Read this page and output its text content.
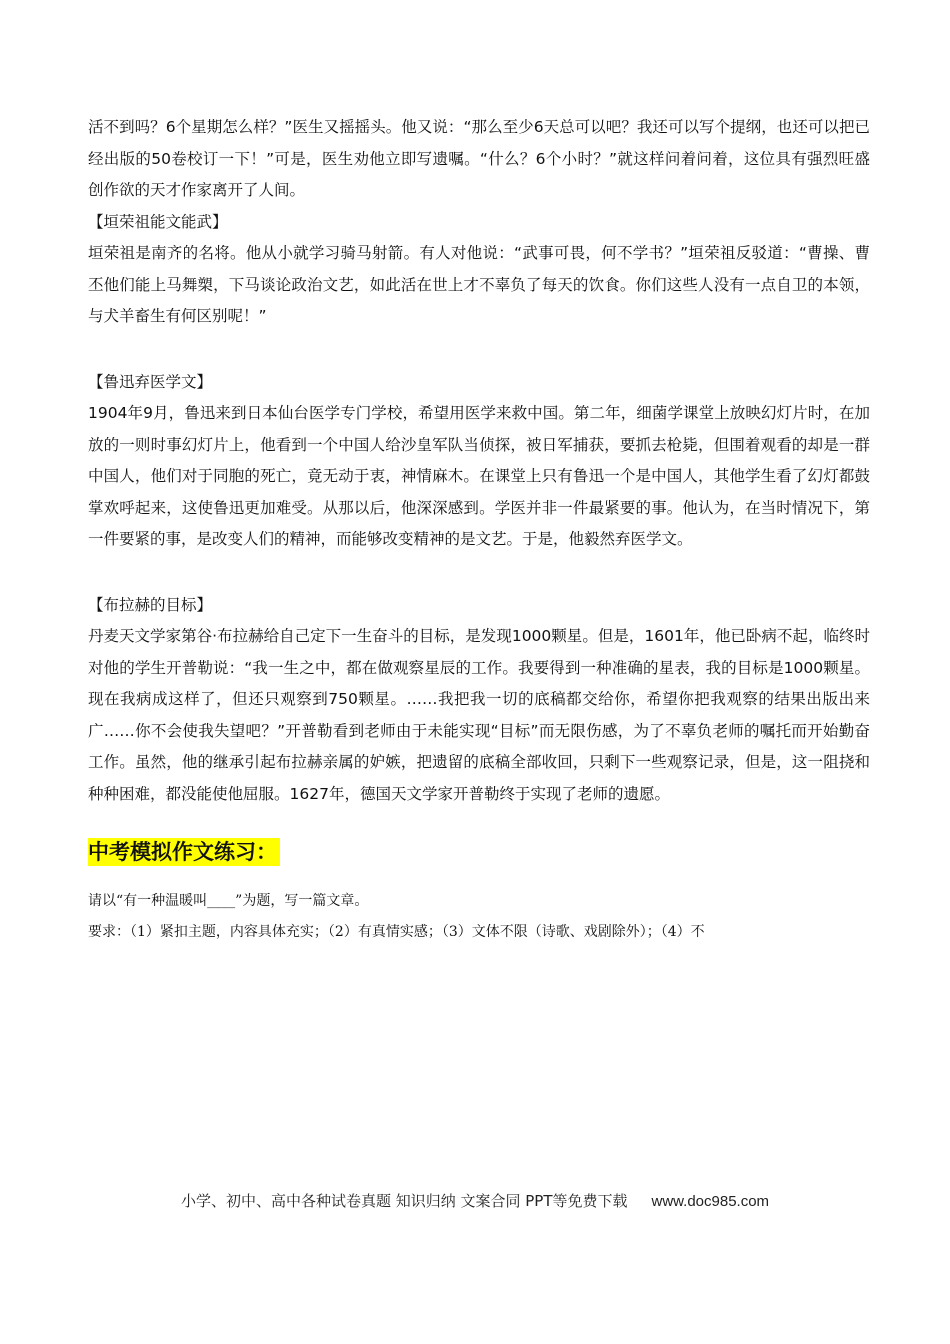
活不到吗？6个星期怎么样？”医生又摇摇头。他又说：“那么至少6天总可以吧？我还可以写个提纲，也还可以把已经出版的50卷校订一下！”可是，医生劝他立即写遗嘱。“什么？6个小时？”就这样问着问着，这位具有强烈旺盛创作欲的天才作家离开了人间。

【垣荣祖能文能武】

垣荣祖是南齐的名将。他从小就学习骑马射箭。有人对他说：“武事可畏，何不学书？”垣荣祖反驳道：“曹操、曹丕他们能上马舞槊，下马谈论政治文艺，如此活在世上才不辜负了每天的饮食。你们这些人没有一点自卫的本领，与犬羊畜生有何区别呢！”

【鲁迅弃医学文】

1904年9月，鲁迅来到日本仙台医学专门学校，希望用医学来救中国。第二年，细菌学课堂上放映幻灯片时，在加放的一则时事幻灯片上，他看到一个中国人给沙皇军队当侦探，被日军捕获，要抓去枪毙，但围着观看的却是一群中国人，他们对于同胞的死亡，竟无动于衷，神情麻木。在课堂上只有鲁迅一个是中国人，其他学生看了幻灯都鼓掌欢呼起来，这使鲁迅更加难受。从那以后，他深深感到。学医并非一件最紧要的事。他认为，在当时情况下，第一件要紧的事，是改变人们的精神，而能够改变精神的是文艺。于是，他毅然弃医学文。

【布拉赫的目标】

丹麦天文学家第谷·布拉赫给自己定下一生奋斗的目标，是发现1000颗星。但是，1601年，他已卧病不起，临终时对他的学生开普勒说：“我一生之中，都在做观察星辰的工作。我要得到一种准确的星表，我的目标是1000颗星。现在我病成这样了，但还只观察到750颗星。……我把我一切的底稿都交给你，希望你把我观察的结果出版出来广……你不会使我失望吧？”开普勒看到老师由于未能实现“目标”而无限伤感，为了不辜负老师的嘱托而开始勤奋工作。虽然，他的继承引起布拉赫亲属的妒嫉，把遗留的底稿全部收回，只剩下一些观察记录，但是，这一阻挠和种种困难，都没能使他屈服。1627年，德国天文学家开普勒终于实现了老师的遗愿。

中考模拟作文练习：

请以“有一种温暖叫____”为题，写一篇文章。

要求：（1）紧扣主题，内容具体充实；（2）有真情实感；（3）文体不限（诗歌、戏剧除外）；（4）不

小学、初中、高中各种试卷真题 知识归纳 文案合同 PPT等免费下载 www.doc985.com
